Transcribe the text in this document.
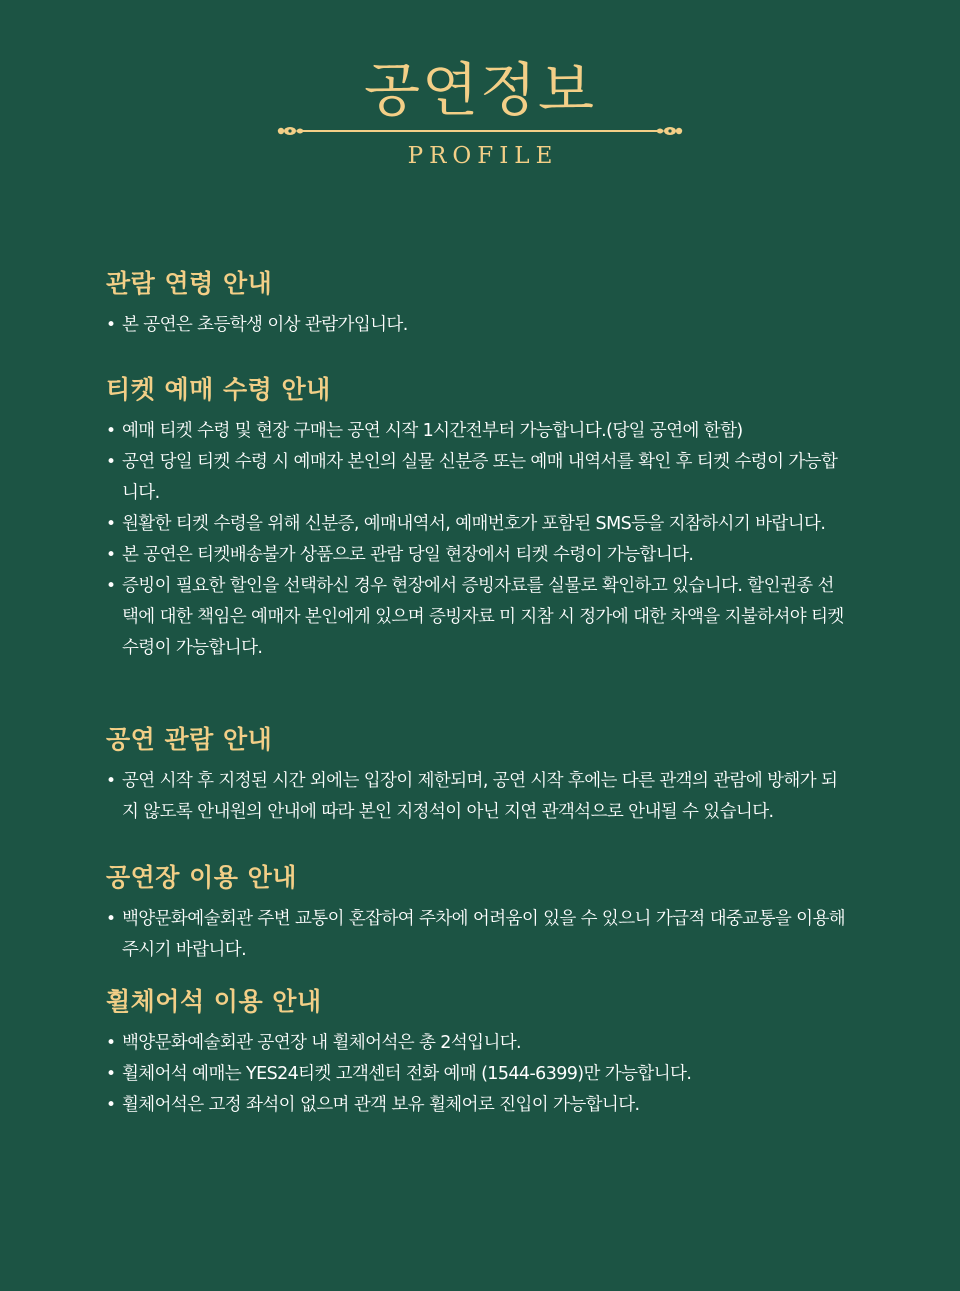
공연정보
PROFILE
관람 연령 안내
• 본 공연은 초등학생 이상 관람가입니다.
티켓 예매 수령 안내
• 예매 티켓 수령 및 현장 구매는 공연 시작 1시간전부터 가능합니다.(당일 공연에 한함)
• 공연 당일 티켓 수령 시 예매자 본인의 실물 신분증 또는 예매 내역서를 확인 후 티켓 수령이 가능합니다.
• 원활한 티켓 수령을 위해 신분증, 예매내역서, 예매번호가 포함된 SMS등을 지참하시기 바랍니다.
• 본 공연은 티켓배송불가 상품으로 관람 당일 현장에서 티켓 수령이 가능합니다.
• 증빙이 필요한 할인을 선택하신 경우 현장에서 증빙자료를 실물로 확인하고 있습니다. 할인권종 선택에 대한 책임은 예매자 본인에게 있으며 증빙자료 미 지참 시 정가에 대한 차액을 지불하셔야 티켓 수령이 가능합니다.
공연 관람 안내
• 공연 시작 후 지정된 시간 외에는 입장이 제한되며, 공연 시작 후에는 다른 관객의 관람에 방해가 되지 않도록 안내원의 안내에 따라 본인 지정석이 아닌 지연 관객석으로 안내될 수 있습니다.
공연장 이용 안내
• 백양문화예술회관 주변 교통이 혼잡하여 주차에 어려움이 있을 수 있으니 가급적 대중교통을 이용해 주시기 바랍니다.
휠체어석 이용 안내
• 백양문화예술회관 공연장 내 휠체어석은 총 2석입니다.
• 휠체어석 예매는 YES24티켓 고객센터 전화 예매 (1544-6399)만 가능합니다.
• 휠체어석은 고정 좌석이 없으며 관객 보유 휠체어로 진입이 가능합니다.
